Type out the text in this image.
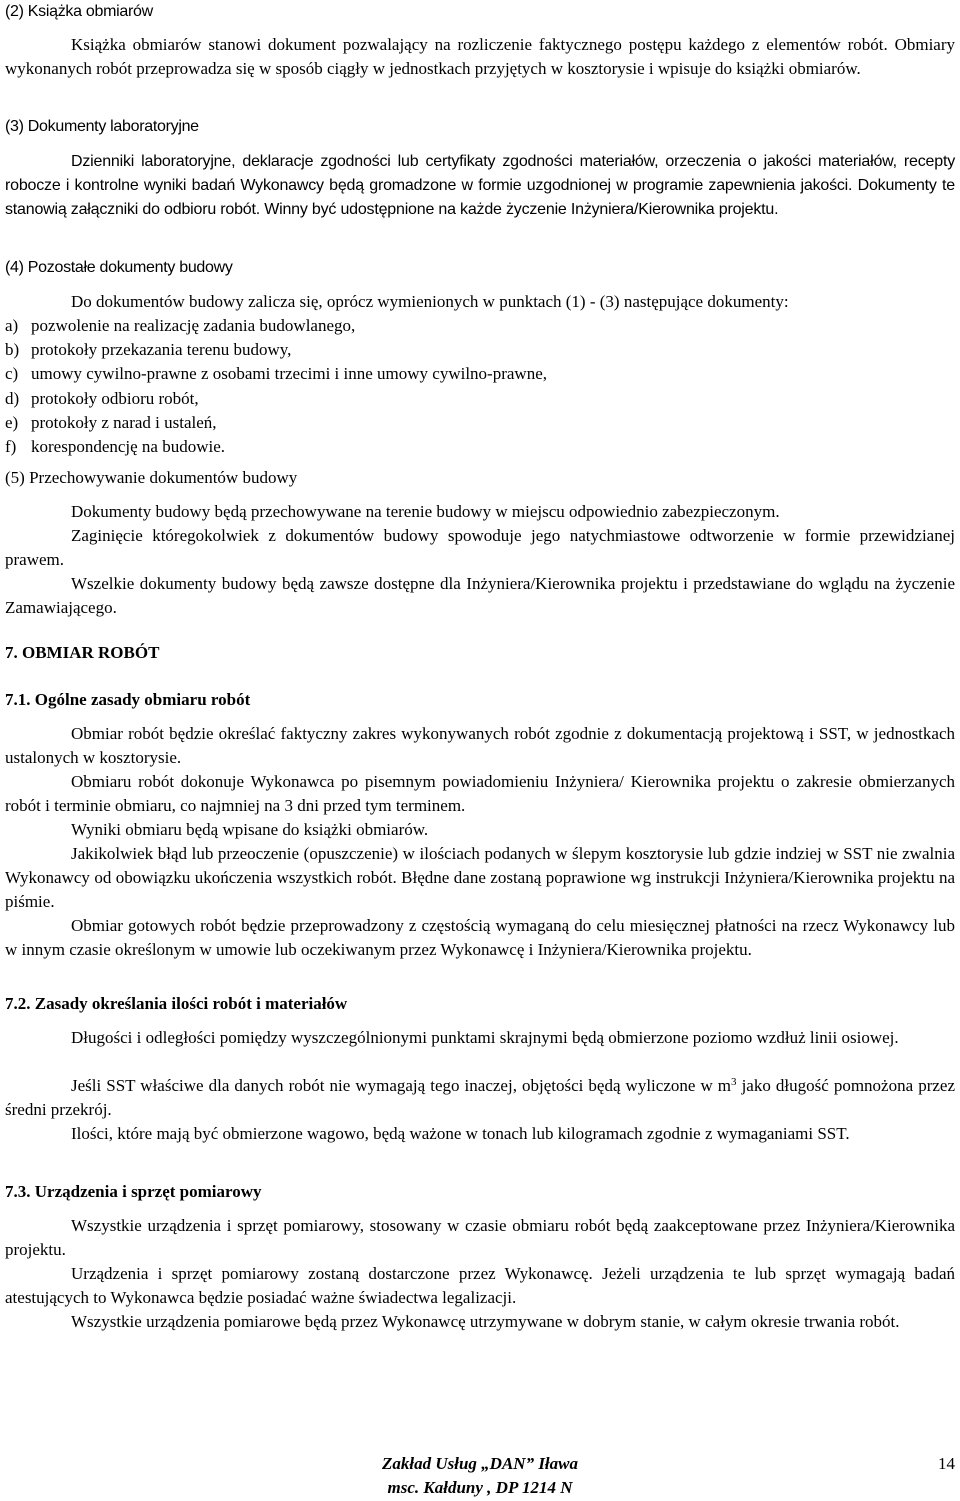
(2) Książka obmiarów
Książka obmiarów stanowi dokument pozwalający na rozliczenie faktycznego postępu każdego z elementów robót. Obmiary wykonanych robót przeprowadza się w sposób ciągły w jednostkach przyjętych w kosztorysie i wpisuje do książki obmiarów.
(3) Dokumenty laboratoryjne
Dzienniki laboratoryjne, deklaracje zgodności lub certyfikaty zgodności materiałów, orzeczenia o jakości materiałów, recepty robocze i kontrolne wyniki badań Wykonawcy będą gromadzone w formie uzgodnionej w programie zapewnienia jakości. Dokumenty te stanowią załączniki do odbioru robót. Winny być udostępnione na każde życzenie Inżyniera/Kierownika projektu.
(4) Pozostałe dokumenty budowy
Do dokumentów budowy zalicza się, oprócz wymienionych w punktach (1) - (3) następujące dokumenty:
a) pozwolenie na realizację zadania budowlanego,
b) protokoły przekazania terenu budowy,
c) umowy cywilno-prawne z osobami trzecimi i inne umowy cywilno-prawne,
d) protokoły odbioru robót,
e) protokoły z narad i ustaleń,
f) korespondencję na budowie.
(5) Przechowywanie dokumentów budowy
Dokumenty budowy będą przechowywane na terenie budowy w miejscu odpowiednio zabezpieczonym.
Zaginięcie któregokolwiek z dokumentów budowy spowoduje jego natychmiastowe odtworzenie w formie przewidzianej prawem.
Wszelkie dokumenty budowy będą zawsze dostępne dla Inżyniera/Kierownika projektu i przedstawiane do wglądu na życzenie Zamawiającego.
7. OBMIAR ROBÓT
7.1. Ogólne zasady obmiaru robót
Obmiar robót będzie określać faktyczny zakres wykonywanych robót zgodnie z dokumentacją projektową i SST, w jednostkach ustalonych w kosztorysie.
Obmiaru robót dokonuje Wykonawca po pisemnym powiadomieniu Inżyniera/ Kierownika projektu o zakresie obmierzanych robót i terminie obmiaru, co najmniej na 3 dni przed tym terminem.
Wyniki obmiaru będą wpisane do książki obmiarów.
Jakikolwiek błąd lub przeoczenie (opuszczenie) w ilościach podanych w ślepym kosztorysie lub gdzie indziej w SST nie zwalnia Wykonawcy od obowiązku ukończenia wszystkich robót. Błędne dane zostaną poprawione wg instrukcji Inżyniera/Kierownika projektu na piśmie.
Obmiar gotowych robót będzie przeprowadzony z częstością wymaganą do celu miesięcznej płatności na rzecz Wykonawcy lub w innym czasie określonym w umowie lub oczekiwanym przez Wykonawcę i Inżyniera/Kierownika projektu.
7.2. Zasady określania ilości robót i materiałów
Długości i odległości pomiędzy wyszczególnionymi punktami skrajnymi będą obmierzone poziomo wzdłuż linii osiowej.
Jeśli SST właściwe dla danych robót nie wymagają tego inaczej, objętości będą wyliczone w $m^3$ jako długość pomnożona przez średni przekrój.
Ilości, które mają być obmierzone wagowo, będą ważone w tonach lub kilogramach zgodnie z wymaganiami SST.
7.3. Urządzenia i sprzęt pomiarowy
Wszystkie urządzenia i sprzęt pomiarowy, stosowany w czasie obmiaru robót będą zaakceptowane przez Inżyniera/Kierownika projektu.
Urządzenia i sprzęt pomiarowy zostaną dostarczone przez Wykonawcę. Jeżeli urządzenia te lub sprzęt wymagają badań atestujących to Wykonawca będzie posiadać ważne świadectwa legalizacji.
Wszystkie urządzenia pomiarowe będą przez Wykonawcę utrzymywane w dobrym stanie, w całym okresie trwania robót.
Zakład Usług „DAN” Iława
msc. Kałduny , DP 1214 N
14
